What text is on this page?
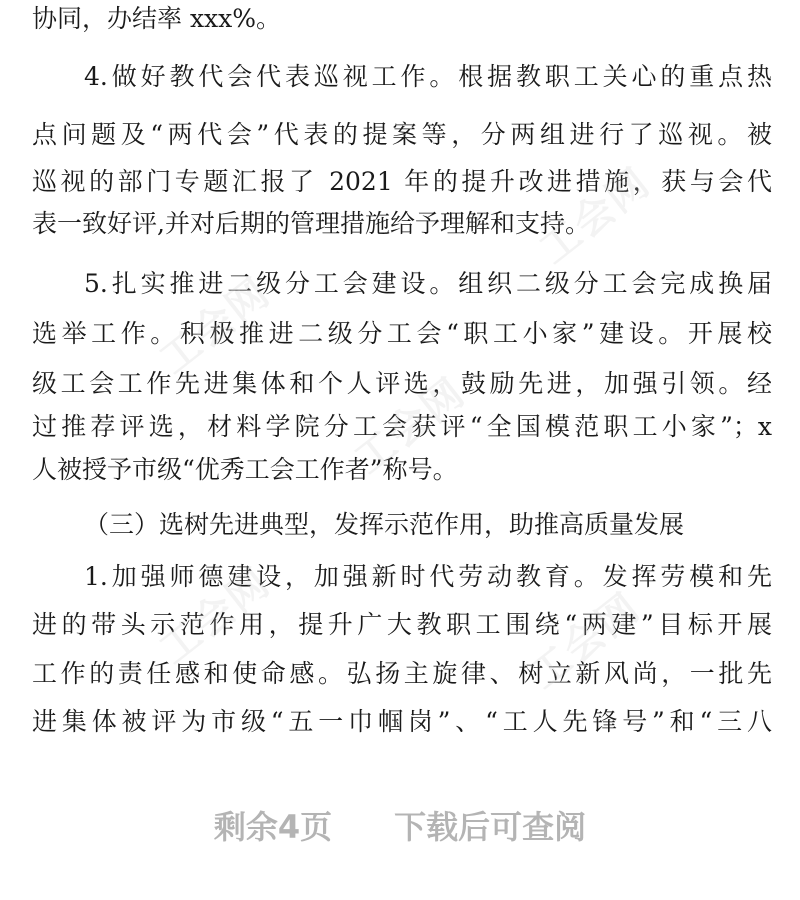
协同，办结率 xxx%。
4.做好教代会代表巡视工作。根据教职工关心的重点热
点问题及“两代会”代表的提案等，分两组进行了巡视。被
巡视的部门专题汇报了 2021 年的提升改进措施，获与会代
表一致好评,并对后期的管理措施给予理解和支持。
5.扎实推进二级分工会建设。组织二级分工会完成换届
选举工作。积极推进二级分工会“职工小家”建设。开展校
级工会工作先进集体和个人评选，鼓励先进，加强引领。经
过推荐评选，材料学院分工会获评“全国模范职工小家”；x
人被授予市级“优秀工会工作者”称号。
（三）选树先进典型，发挥示范作用，助推高质量发展
1.加强师德建设，加强新时代劳动教育。发挥劳模和先
进的带头示范作用，提升广大教职工围绕“两建”目标开展
工作的责任感和使命感。弘扬主旋律、树立新风尚，一批先
进集体被评为市级“五一巾帼岗”、“工人先锋号”和“三八
工会网
工会网
工会网
工会网	工会网
剩余4页 下载后可查阅
